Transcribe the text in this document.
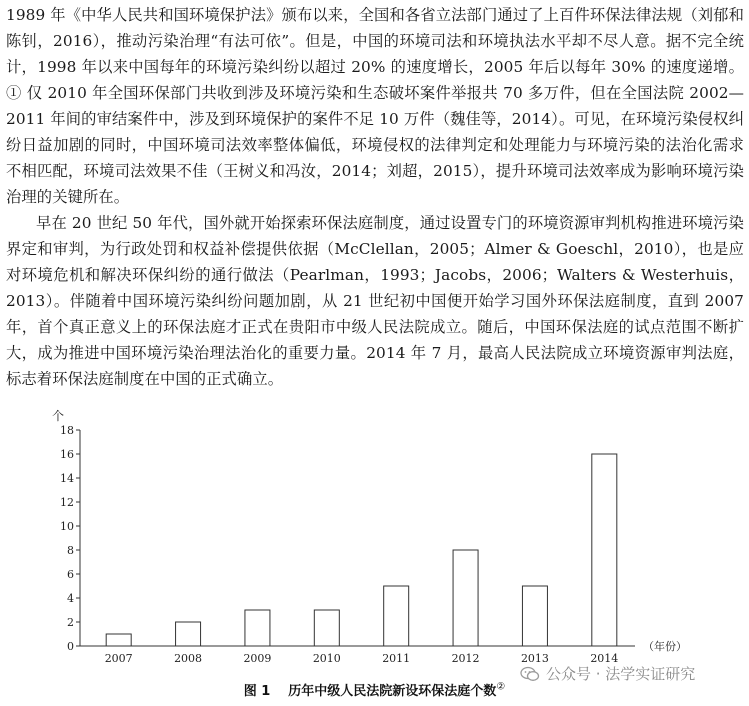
1989 年《中华人民共和国环境保护法》颁布以来，全国和各省立法部门通过了上百件环保法律法规（刘郁和陈钊，2016），推动污染治理“有法可依”。但是，中国的环境司法和环境执法水平却不尽人意。据不完全统计，1998 年以来中国每年的环境污染纠纷以超过 20% 的速度增长，2005 年后以每年 30% 的速度递增。① 仅 2010 年全国环保部门共收到涉及环境污染和生态破坏案件举报共 70 多万件，但在全国法院 2002—2011 年间的审结案件中，涉及到环境保护的案件不足 10 万件（魏佳等，2014）。可见，在环境污染侵权纠纷日益加剧的同时，中国环境司法效率整体偏低，环境侵权的法律判定和处理能力与环境污染的法治化需求不相匹配，环境司法效果不佳（王树义和冯汝，2014；刘超，2015），提升环境司法效率成为影响环境污染治理的关键所在。

早在 20 世纪 50 年代，国外就开始探索环保法庭制度，通过设置专门的环境资源审判机构推进环境污染界定和审判，为行政处罚和权益补偿提供依据（McClellan，2005；Almer & Goeschl，2010），也是应对环境危机和解决环保纠纷的通行做法（Pearlman，1993；Jacobs，2006；Walters & Westerhuis，2013）。伴随着中国环境污染纠纷问题加剧，从 21 世纪初中国便开始学习国外环保法庭制度，直到 2007 年，首个真正意义上的环保法庭才正式在贵阳市中级人民法院成立。随后，中国环保法庭的试点范围不断扩大，成为推进中国环境污染治理法治化的重要力量。2014 年 7 月，最高人民法院成立环境资源审判法庭，标志着环保法庭制度在中国的正式确立。

个
（年份）
0
2
4
6
8
10
12
14
16
18
2007	2008	2009	2010	2011	2012	2013	2014
图 1 历年中级人民法院新设环保法庭个数②
公众号 · 法学实证研究
